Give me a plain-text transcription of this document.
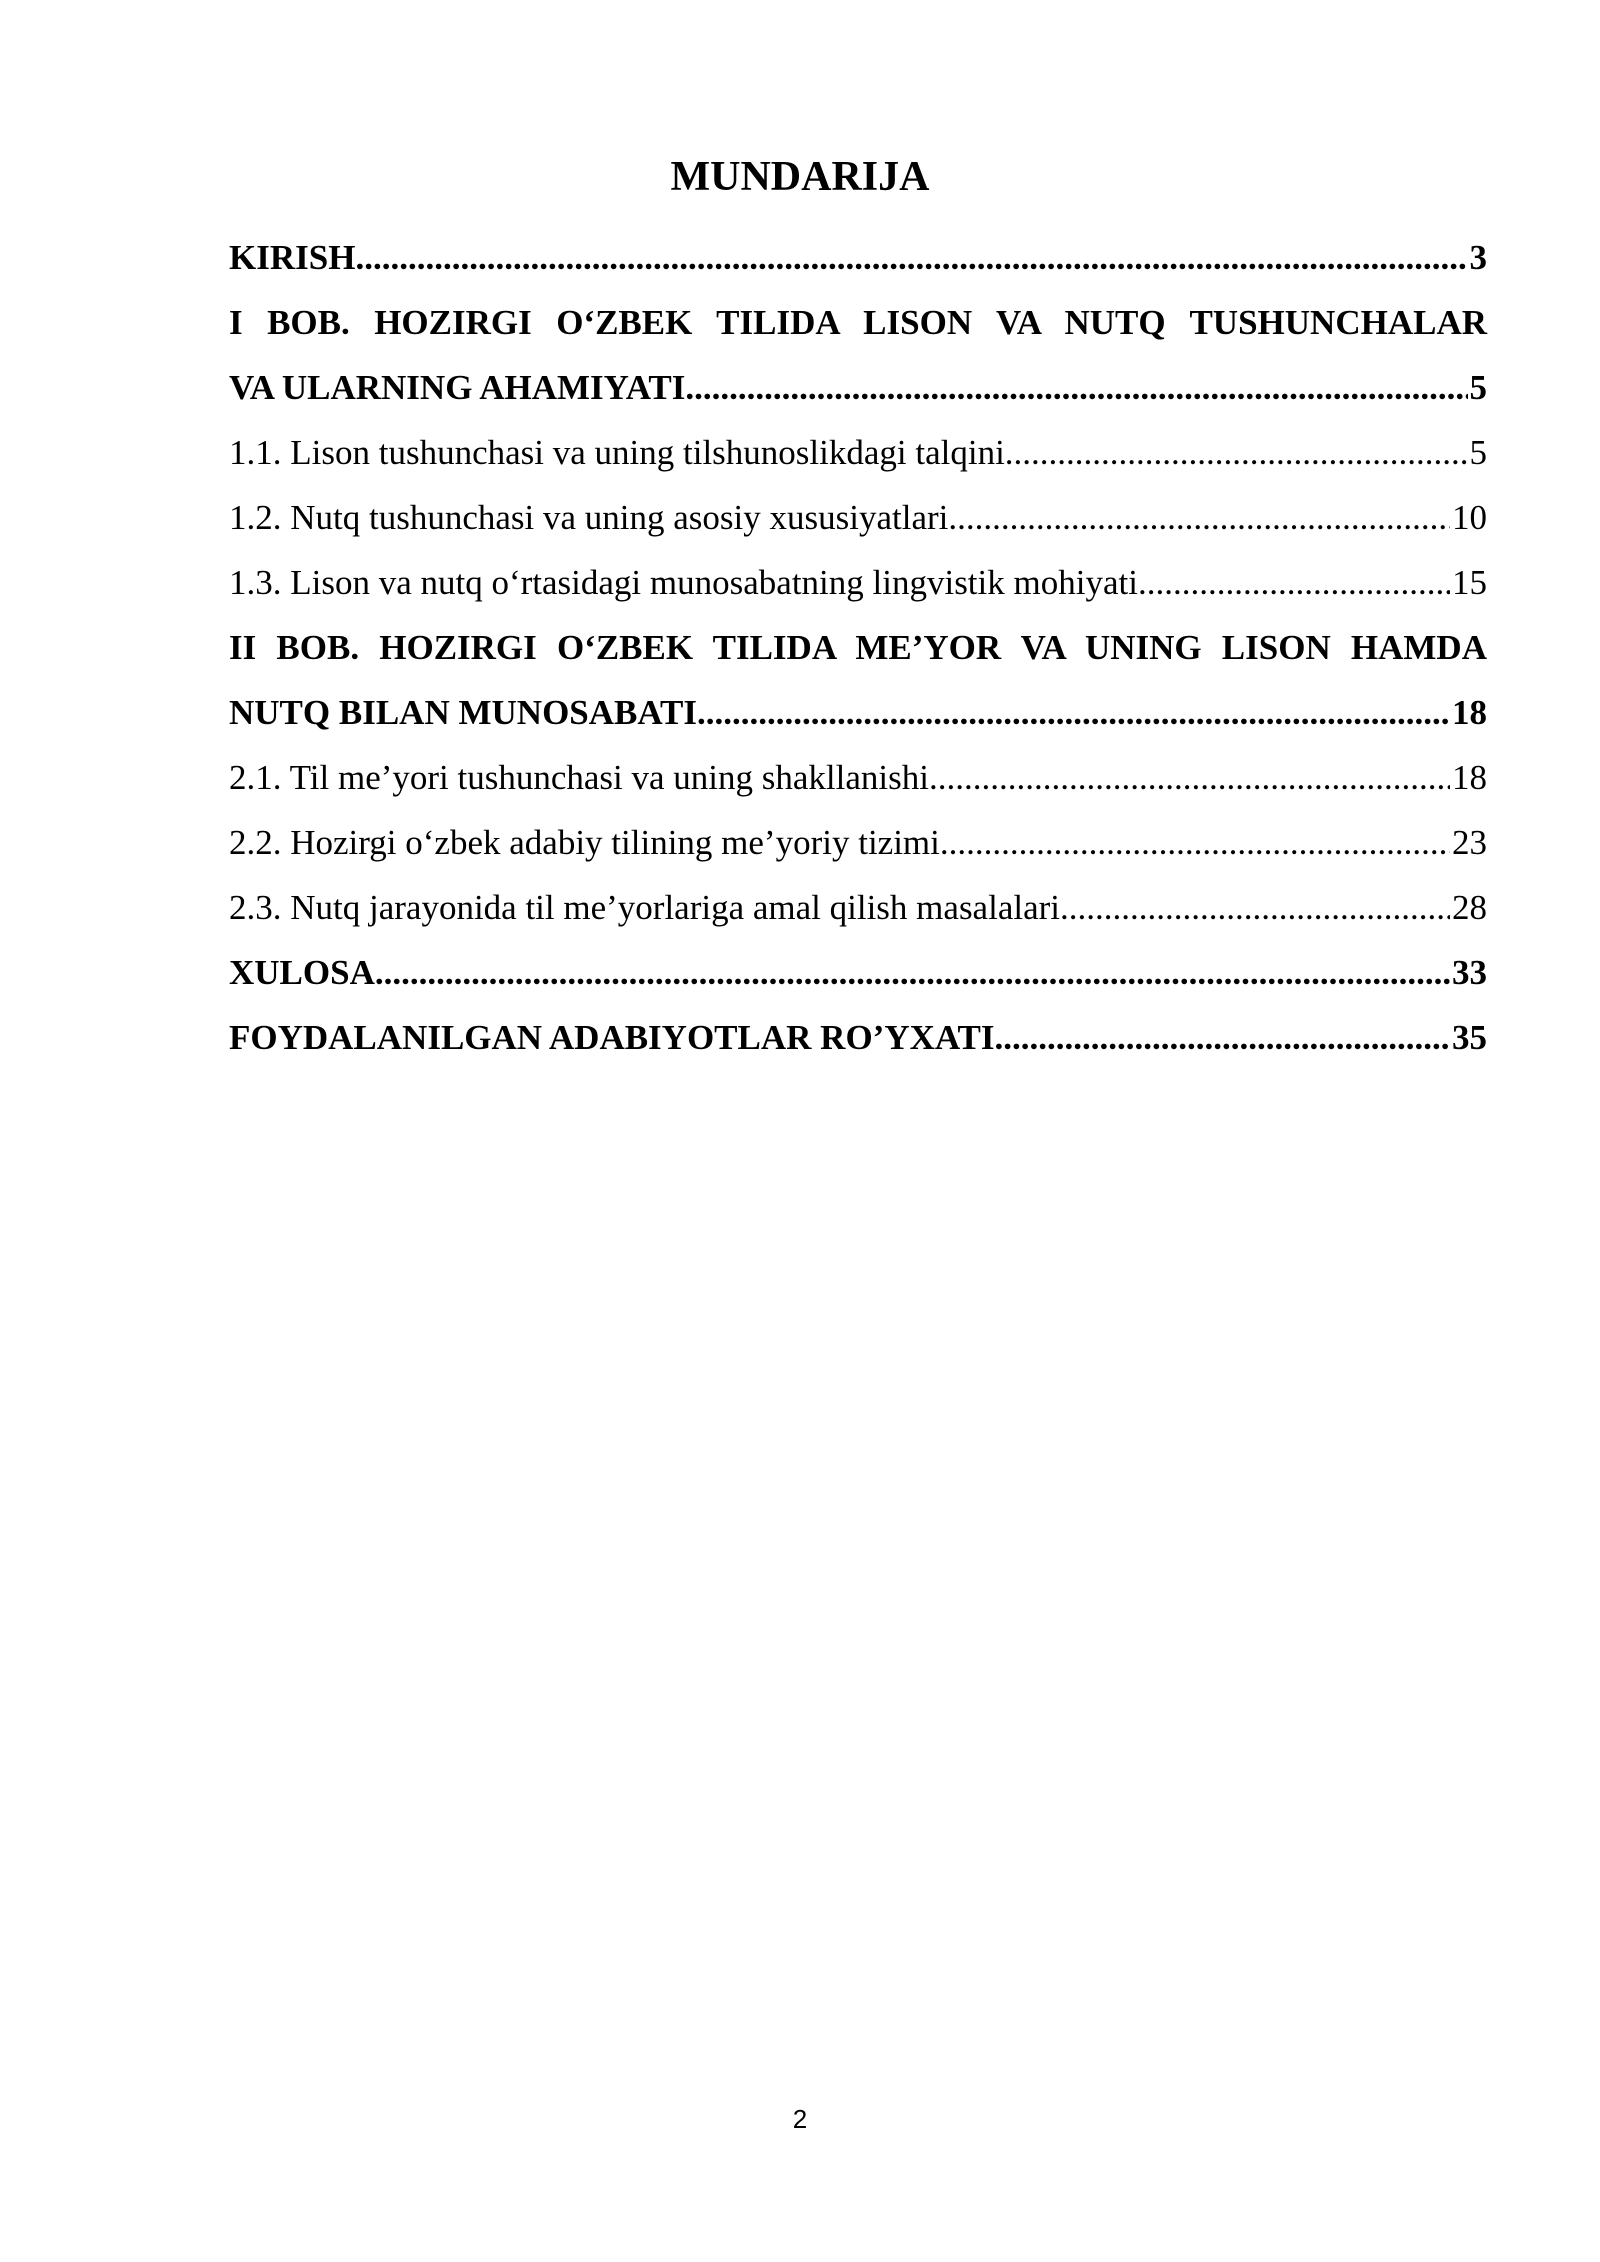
MUNDARIJA
KIRISH .....	3
I BOB. HOZIRGI O‘ZBEK TILIDA LISON VA NUTQ TUSHUNCHALAR
VA ULARNING AHAMIYATI .....	5
1.1. Lison tushunchasi va uning tilshunoslikdagi talqini .....	5
1.2. Nutq tushunchasi va uning asosiy xususiyatlari .....	10
1.3. Lison va nutq o‘rtasidagi munosabatning lingvistik mohiyati .....	15
II BOB. HOZIRGI O‘ZBEK TILIDA ME’YOR VA UNING LISON HAMDA
NUTQ BILAN MUNOSABATI .....	18
2.1. Til me’yori tushunchasi va uning shakllanishi .....	18
2.2. Hozirgi o‘zbek adabiy tilining me’yoriy tizimi .....	23
2.3. Nutq jarayonida til me’yorlariga amal qilish masalalari .....	28
XULOSA .....	33
FOYDALANILGAN ADABIYOTLAR RO’YXATI .....	35
2
